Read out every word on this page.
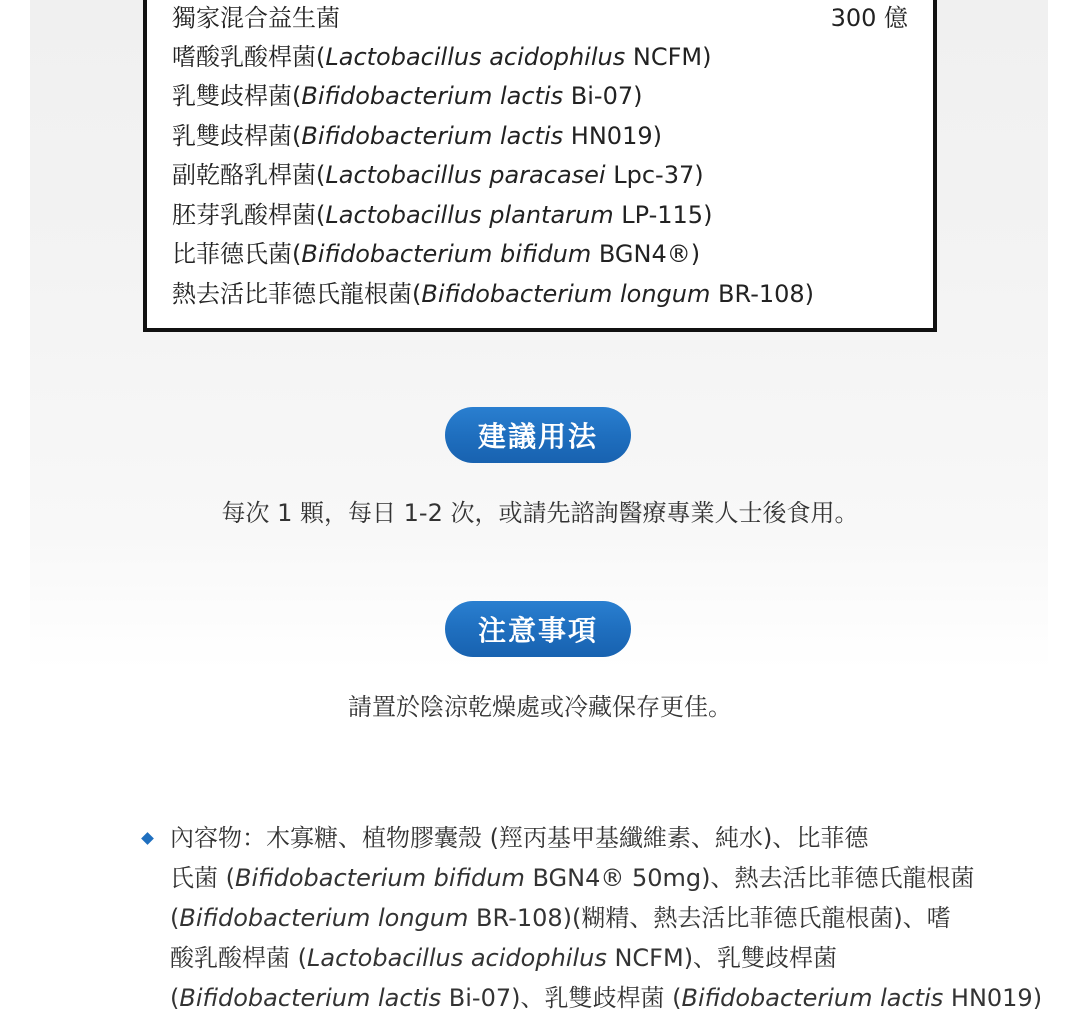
獨家混合益生菌	300 億
嗜酸乳酸桿菌(Lactobacillus acidophilus NCFM)
乳雙歧桿菌(Bifidobacterium lactis Bi-07)
乳雙歧桿菌(Bifidobacterium lactis HN019)
副乾酪乳桿菌(Lactobacillus paracasei Lpc-37)
胚芽乳酸桿菌(Lactobacillus plantarum LP-115)
比菲德氏菌(Bifidobacterium bifidum BGN4®)
熱去活比菲德氏龍根菌(Bifidobacterium longum BR-108)
建議用法
每次 1 顆，每日 1-2 次，或請先諮詢醫療專業人士後食用。
注意事項
請置於陰涼乾燥處或冷藏保存更佳。
內容物：木寡糖、植物膠囊殼 (羥丙基甲基纖維素、純水)、比菲德
氏菌 (Bifidobacterium bifidum BGN4® 50mg)、熱去活比菲德氏龍根菌
(Bifidobacterium longum BR-108)(糊精、熱去活比菲德氏龍根菌)、嗜
酸乳酸桿菌 (Lactobacillus acidophilus NCFM)、乳雙歧桿菌
(Bifidobacterium lactis Bi-07)、乳雙歧桿菌 (Bifidobacterium lactis HN019)
